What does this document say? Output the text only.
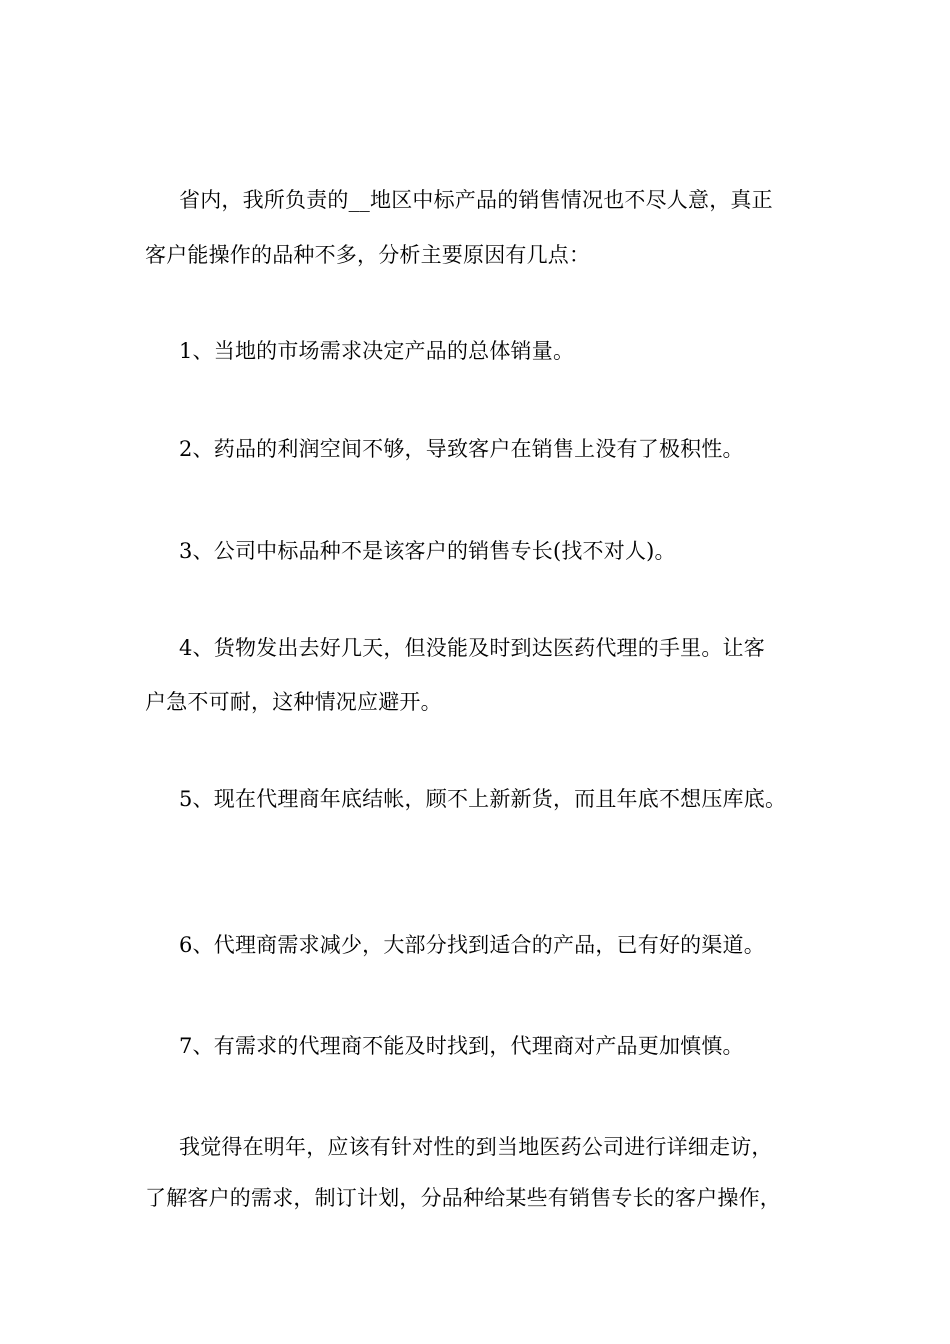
省内，我所负责的__地区中标产品的销售情况也不尽人意，真正
客户能操作的品种不多，分析主要原因有几点：
1、当地的市场需求决定产品的总体销量。
2、药品的利润空间不够，导致客户在销售上没有了极积性。
3、公司中标品种不是该客户的销售专长(找不对人)。
4、货物发出去好几天，但没能及时到达医药代理的手里。让客
户急不可耐，这种情况应避开。
5、现在代理商年底结帐，顾不上新新货，而且年底不想压库底。
6、代理商需求减少，大部分找到适合的产品，已有好的渠道。
7、有需求的代理商不能及时找到，代理商对产品更加慎慎。
我觉得在明年，应该有针对性的到当地医药公司进行详细走访，
了解客户的需求，制订计划，分品种给某些有销售专长的客户操作，
